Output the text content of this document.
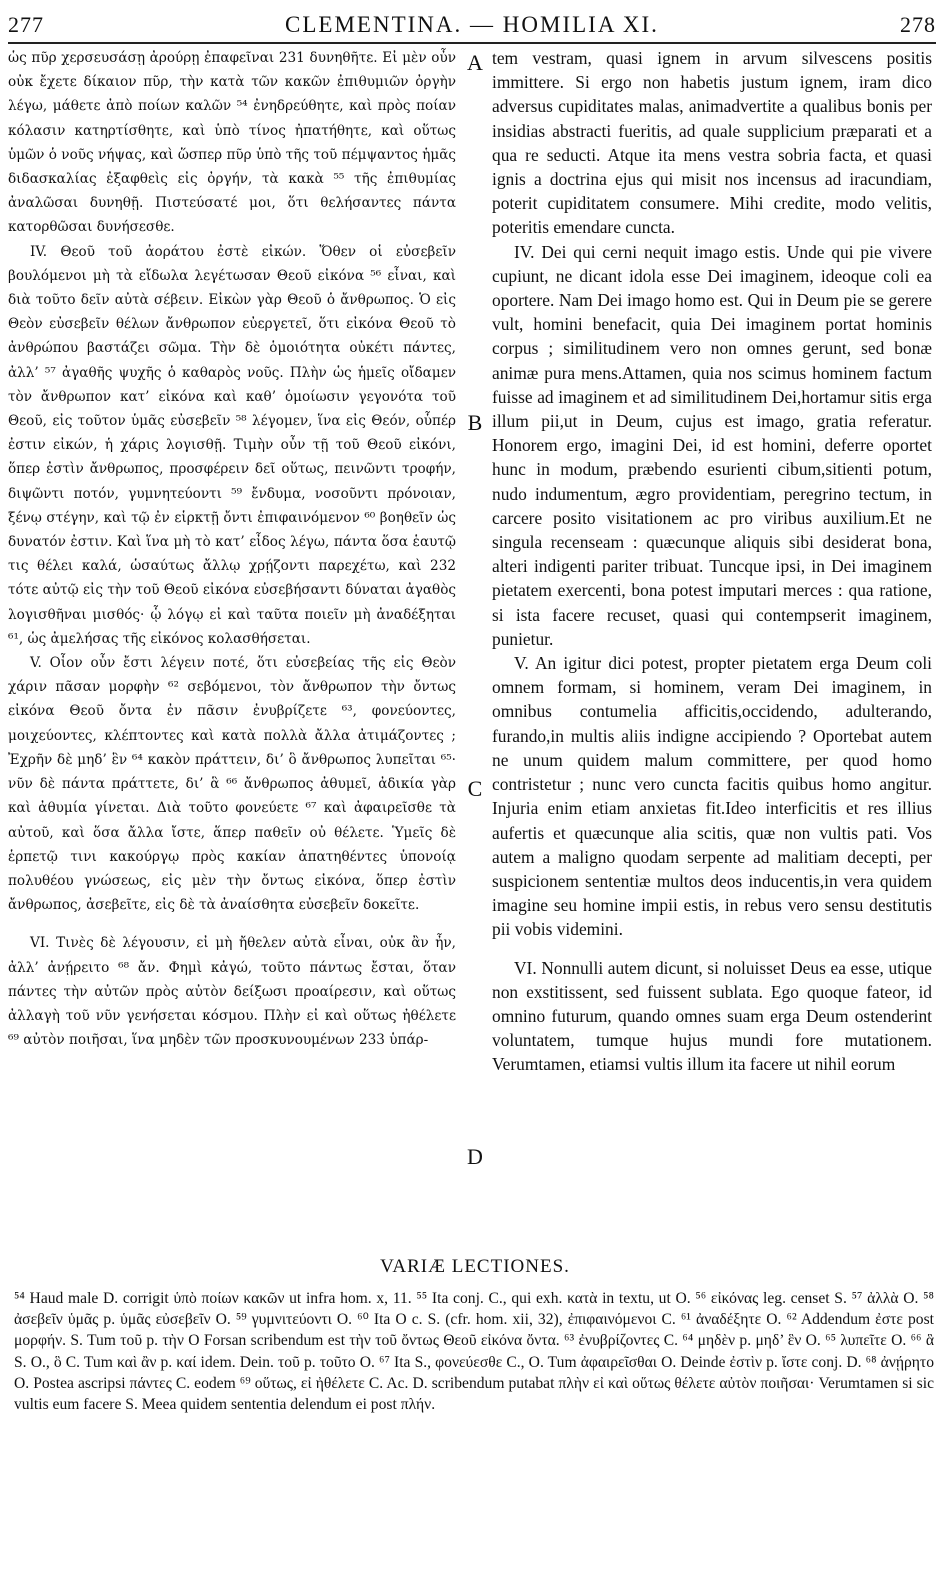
277	CLEMENTINA. — HOMILIA XI.	278

ὡς πῦρ χερσευσάσῃ ἀρούρῃ ἐπαφεῖναι 231 δυνηθῆτε. Εἰ μὲν οὖν οὐκ ἔχετε δίκαιον πῦρ, τὴν κατὰ τῶν κακῶν ἐπιθυμιῶν ὀργὴν λέγω, μάθετε ἀπὸ ποίων καλῶν ⁵⁴ ἐνηδρεύθητε, καὶ πρὸς ποίαν κόλασιν κατηρτίσθητε, καὶ ὑπὸ τίνος ἠπατήθητε, καὶ οὕτως ὑμῶν ὁ νοῦς νήψας, καὶ ὥσπερ πῦρ ὑπὸ τῆς τοῦ πέμψαντος ἡμᾶς διδασκαλίας ἐξαφθεὶς εἰς ὀργήν, τὰ κακὰ ⁵⁵ τῆς ἐπιθυμίας ἀναλῶσαι δυνηθῇ. Πιστεύσατέ μοι, ὅτι θελήσαντες πάντα κατορθῶσαι δυνήσεσθε.

IV. Θεοῦ τοῦ ἀοράτου ἐστὲ εἰκών. Ὅθεν οἱ εὐσεβεῖν βουλόμενοι μὴ τὰ εἴδωλα λεγέτωσαν Θεοῦ εἰκόνα ⁵⁶ εἶναι, καὶ διὰ τοῦτο δεῖν αὐτὰ σέβειν. Εἰκὼν γὰρ Θεοῦ ὁ ἄνθρωπος. Ὁ εἰς Θεὸν εὐσεβεῖν θέλων ἄνθρωπον εὐεργετεῖ, ὅτι εἰκόνα Θεοῦ τὸ ἀνθρώπου βαστάζει σῶμα. Τὴν δὲ ὁμοιότητα οὐκέτι πάντες, ἀλλ’ ⁵⁷ ἀγαθῆς ψυχῆς ὁ καθαρὸς νοῦς. Πλὴν ὡς ἡμεῖς οἴδαμεν τὸν ἄνθρωπον κατ’ εἰκόνα καὶ καθ’ ὁμοίωσιν γεγονότα τοῦ Θεοῦ, εἰς τοῦτον ὑμᾶς εὐσεβεῖν ⁵⁸ λέγομεν, ἵνα εἰς Θεόν, οὗπέρ ἐστιν εἰκών, ἡ χάρις λογισθῇ. Τιμὴν οὖν τῇ τοῦ Θεοῦ εἰκόνι, ὅπερ ἐστὶν ἄνθρωπος, προσφέρειν δεῖ οὕτως, πεινῶντι τροφήν, διψῶντι ποτόν, γυμνητεύοντι ⁵⁹ ἔνδυμα, νοσοῦντι πρόνοιαν, ξένῳ στέγην, καὶ τῷ ἐν εἱρκτῇ ὄντι ἐπιφαινόμενον ⁶⁰ βοηθεῖν ὡς δυνατόν ἐστιν. Καὶ ἵνα μὴ τὸ κατ’ εἶδος λέγω, πάντα ὅσα ἑαυτῷ τις θέλει καλά, ὡσαύτως ἄλλῳ χρῄζοντι παρεχέτω, καὶ 232 τότε αὐτῷ εἰς τὴν τοῦ Θεοῦ εἰκόνα εὐσεβήσαντι δύναται ἀγαθὸς λογισθῆναι μισθός· ᾧ λόγῳ εἰ καὶ ταῦτα ποιεῖν μὴ ἀναδέξηται ⁶¹, ὡς ἀμελήσας τῆς εἰκόνος κολασθήσεται.

V. Οἷον οὖν ἔστι λέγειν ποτέ, ὅτι εὐσεβείας τῆς εἰς Θεὸν χάριν πᾶσαν μορφὴν ⁶² σεβόμενοι, τὸν ἄνθρωπον τὴν ὄντως εἰκόνα Θεοῦ ὄντα ἐν πᾶσιν ἐνυβρίζετε ⁶³, φονεύοντες, μοιχεύοντες, κλέπτοντες καὶ κατὰ πολλὰ ἄλλα ἀτιμάζοντες ; Ἐχρῆν δὲ μηδ’ ἓν ⁶⁴ κακὸν πράττειν, δι’ ὃ ἄνθρωπος λυπεῖται ⁶⁵· νῦν δὲ πάντα πράττετε, δι’ ἃ ⁶⁶ ἄνθρωπος ἀθυμεῖ, ἀδικία γὰρ καὶ ἀθυμία γίνεται. Διὰ τοῦτο φονεύετε ⁶⁷ καὶ ἀφαιρεῖσθε τὰ αὐτοῦ, καὶ ὅσα ἄλλα ἴστε, ἅπερ παθεῖν οὐ θέλετε. Ὑμεῖς δὲ ἑρπετῷ τινι κακούργῳ πρὸς κακίαν ἀπατηθέντες ὑπονοίᾳ πολυθέου γνώσεως, εἰς μὲν τὴν ὄντως εἰκόνα, ὅπερ ἐστὶν ἄνθρωπος, ἀσεβεῖτε, εἰς δὲ τὰ ἀναίσθητα εὐσεβεῖν δοκεῖτε.

VI. Τινὲς δὲ λέγουσιν, εἰ μὴ ἤθελεν αὐτὰ εἶναι, οὐκ ἂν ἦν, ἀλλ’ ἀνῄρειτο ⁶⁸ ἄν. Φημὶ κἀγώ, τοῦτο πάντως ἔσται, ὅταν πάντες τὴν αὐτῶν πρὸς αὐτὸν δείξωσι προαίρεσιν, καὶ οὕτως ἀλλαγὴ τοῦ νῦν γενήσεται κόσμου. Πλὴν εἰ καὶ οὕτως ἠθέλετε ⁶⁹ αὐτὸν ποιῆσαι, ἵνα μηδὲν τῶν προσκυνουμένων 233 ὑπάρ-

A
B
C
D

tem vestram, quasi ignem in arvum silvescens positis immittere. Si ergo non habetis justum ignem, iram dico adversus cupiditates malas, animadvertite a qualibus bonis per insidias abstracti fueritis, ad quale supplicium præparati et a qua re seducti. Atque ita mens vestra sobria facta, et quasi ignis a doctrina ejus qui misit nos incensus ad iracundiam, poterit cupiditatem consumere. Mihi credite, modo velitis, poteritis emendare cuncta.

IV. Dei qui cerni nequit imago estis. Unde qui pie vivere cupiunt, ne dicant idola esse Dei imaginem, ideoque coli ea oportere. Nam Dei imago homo est. Qui in Deum pie se gerere vult, homini benefacit, quia Dei imaginem portat hominis corpus ; similitudinem vero non omnes gerunt, sed bonæ animæ pura mens.Attamen, quia nos scimus hominem factum fuisse ad imaginem et ad similitudinem Dei,hortamur sitis erga illum pii,ut in Deum, cujus est imago, gratia referatur. Honorem ergo, imagini Dei, id est homini, deferre oportet hunc in modum, præbendo esurienti cibum,sitienti potum, nudo indumentum, ægro providentiam, peregrino tectum, in carcere posito visitationem ac pro viribus auxilium.Et ne singula recenseam : quæcunque aliquis sibi desiderat bona, alteri indigenti pariter tribuat. Tuncque ipsi, in Dei imaginem pietatem exercenti, bona potest imputari merces : qua ratione, si ista facere recuset, quasi qui contempserit imaginem, punietur.

V. An igitur dici potest, propter pietatem erga Deum coli omnem formam, si hominem, veram Dei imaginem, in omnibus contumelia afficitis,occidendo, adulterando, furando,in multis aliis indigne accipiendo ? Oportebat autem ne unum quidem malum committere, per quod homo contristetur ; nunc vero cuncta facitis quibus homo angitur. Injuria enim etiam anxietas fit.Ideo interficitis et res illius aufertis et quæcunque alia scitis, quæ non vultis pati. Vos autem a maligno quodam serpente ad malitiam decepti, per suspicionem sententiæ multos deos inducentis,in vera quidem imagine seu homine impii estis, in rebus vero sensu destitutis pii vobis videmini.

VI. Nonnulli autem dicunt, si noluisset Deus ea esse, utique non exstitissent, sed fuissent sublata. Ego quoque fateor, id omnino futurum, quando omnes suam erga Deum ostenderint voluntatem, tumque hujus mundi fore mutationem. Verumtamen, etiamsi vultis illum ita facere ut nihil eorum

VARIÆ LECTIONES.

⁵⁴ Haud male D. corrigit ὑπὸ ποίων κακῶν ut infra hom. x, 11. ⁵⁵ Ita conj. C., qui exh. κατὰ in textu, ut O. ⁵⁶ εἰκόνας leg. censet S. ⁵⁷ ἀλλὰ O. ⁵⁸ ἀσεβεῖν ὑμᾶς p. ὑμᾶς εὐσεβεῖν O. ⁵⁹ γυμνιτεύοντι O. ⁶⁰ Ita O c. S. (cfr. hom. xii, 32), ἐπιφαινόμενοι C. ⁶¹ ἀναδέξητε O. ⁶² Addendum ἐστε post μορφήν. S. Tum τοῦ p. τὴν O Forsan scribendum est τὴν τοῦ ὄντως Θεοῦ εἰκόνα ὄντα. ⁶³ ἐνυβρίζοντες C. ⁶⁴ μηδὲν p. μηδ’ ἓν O. ⁶⁵ λυπεῖτε O. ⁶⁶ ἃ S. O., ὃ C. Tum καὶ ἂν p. καί idem. Dein. τοῦ p. τοῦτο O. ⁶⁷ Ita S., φονεύεσθε C., O. Tum ἀφαιρεῖσθαι O. Deinde ἐστὶν p. ἴστε conj. D. ⁶⁸ ἀνῄρητο O. Postea ascripsi πάντες C. eodem ⁶⁹ οὕτως, εἰ ἠθέλετε C. Ac. D. scribendum putabat πλὴν εἰ καὶ οὕτως θέλετε αὐτὸν ποιῆσαι· Verumtamen si sic vultis eum facere S. Meea quidem sententia delendum ei post πλήν.
